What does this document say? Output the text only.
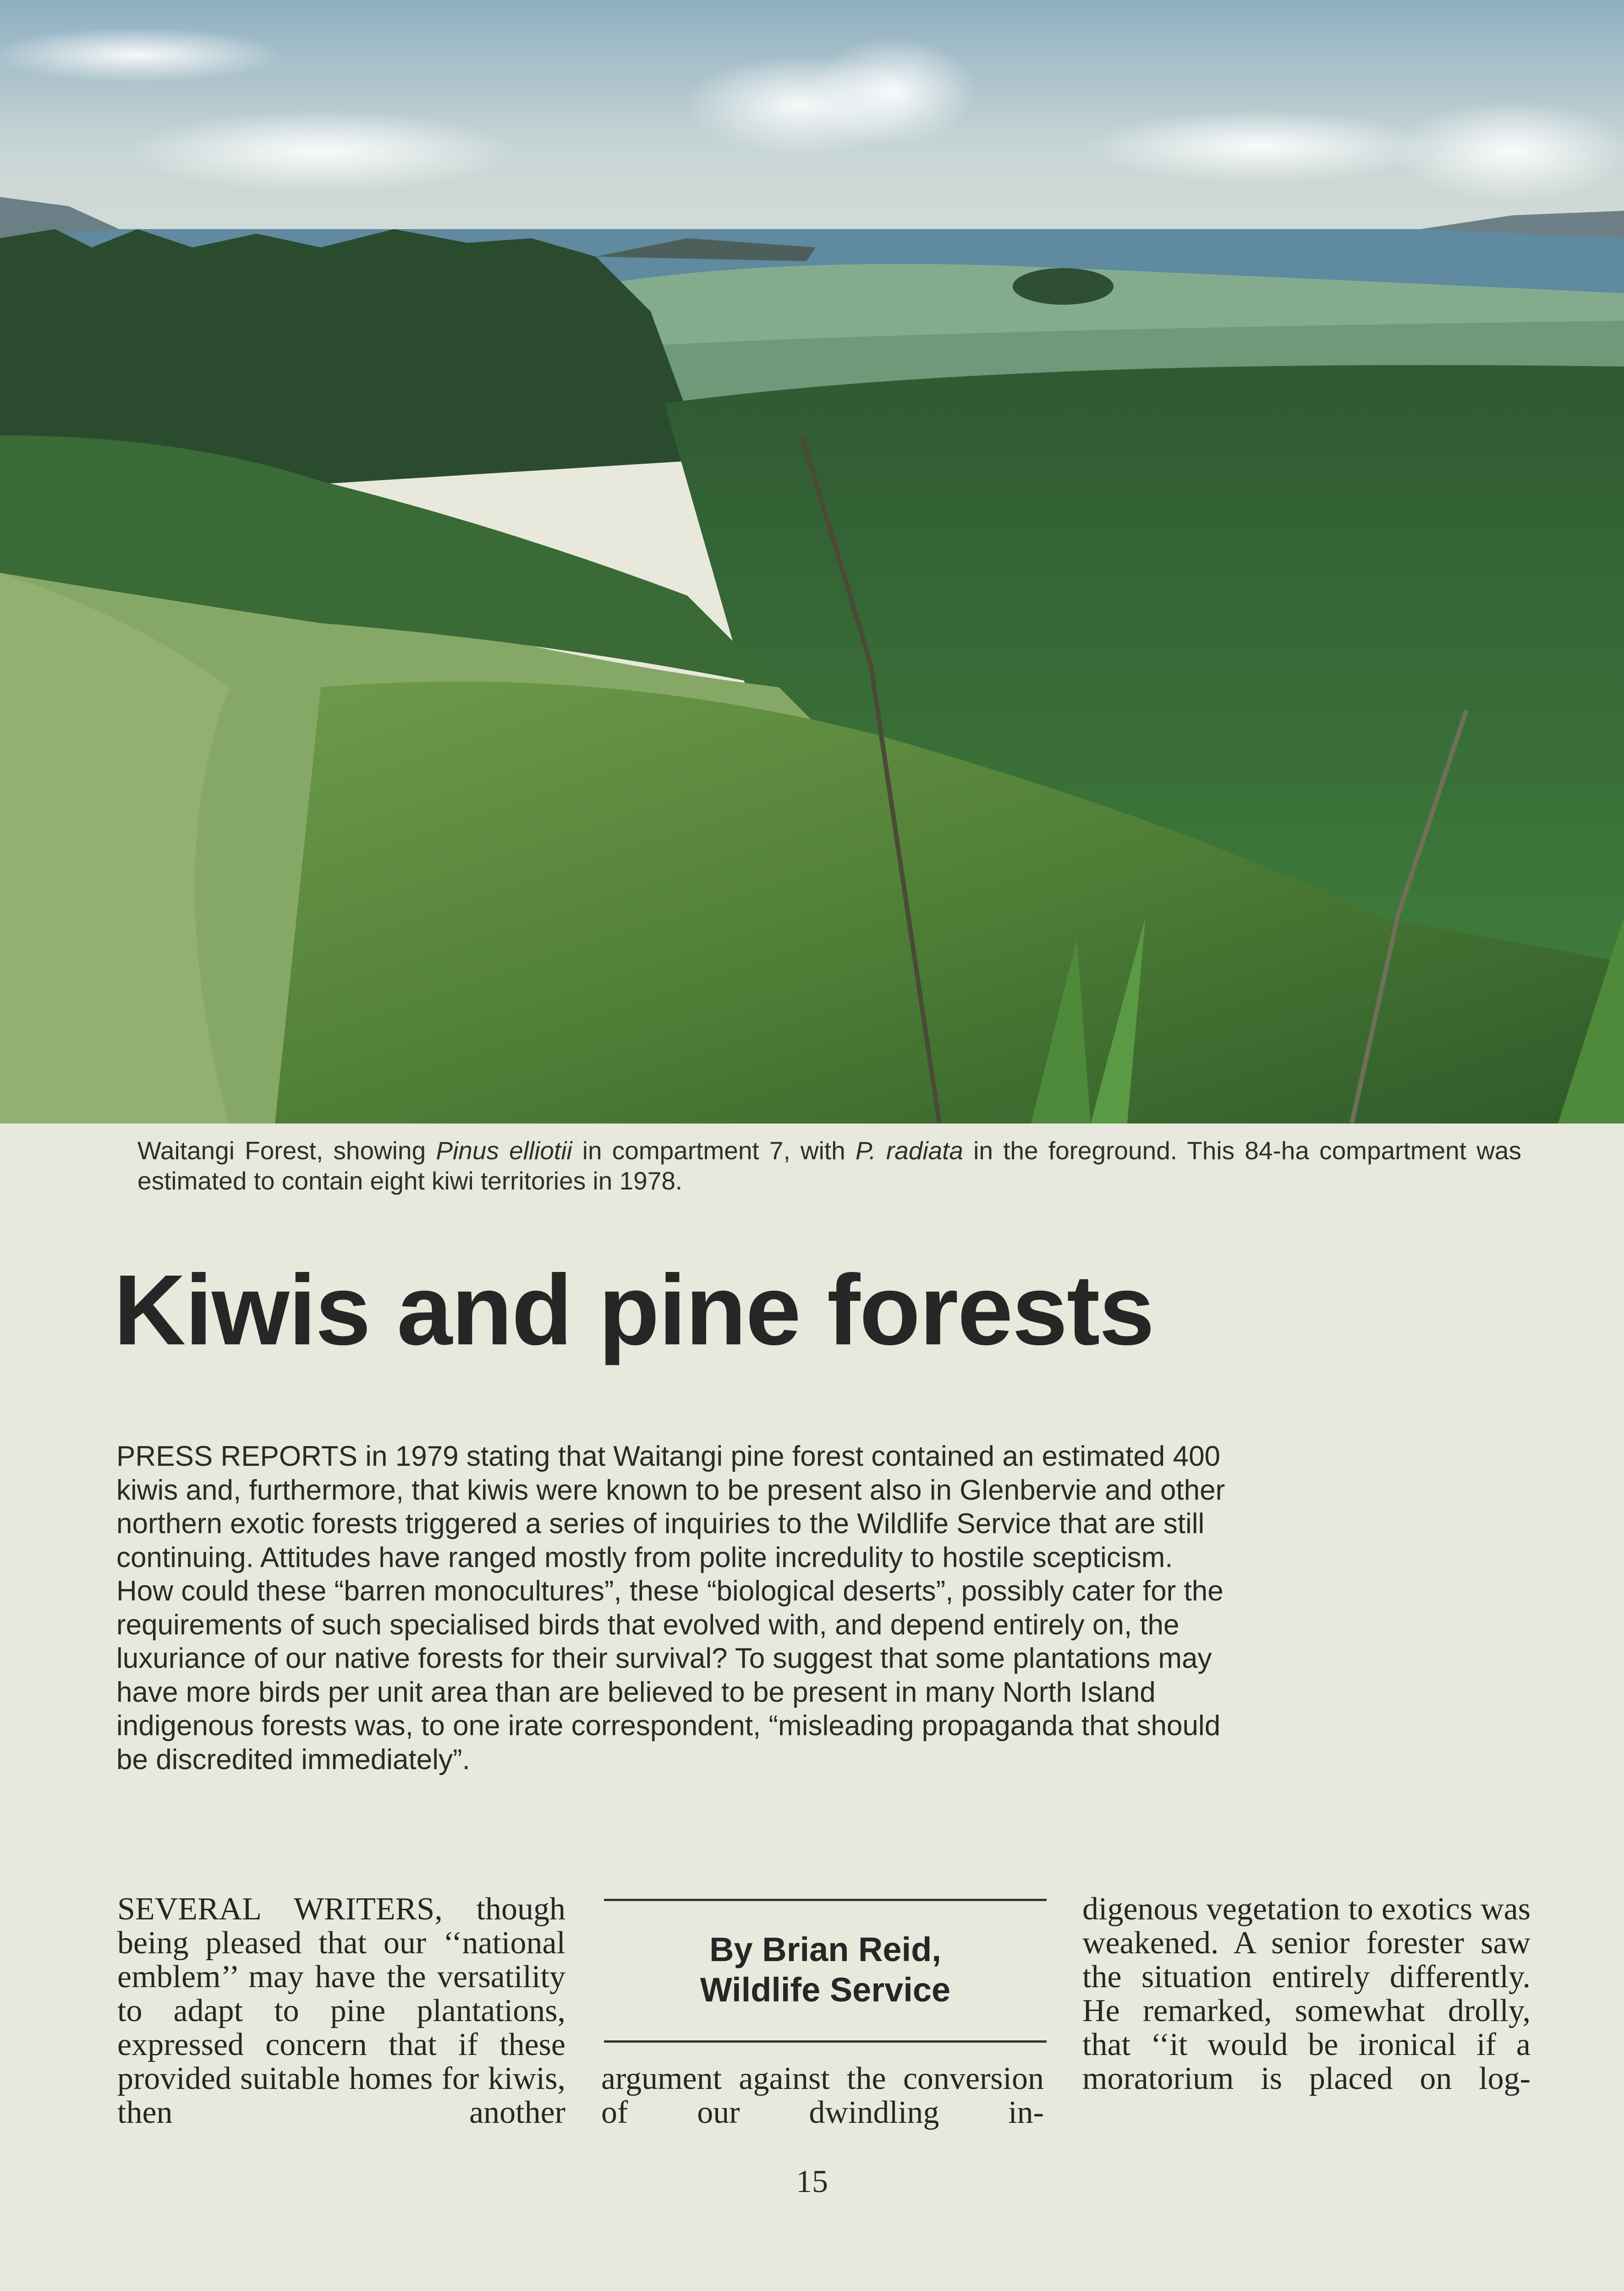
Waitangi Forest, showing Pinus elliotii in compartment 7, with P. radiata in the foreground. This 84-ha compartment was estimated to contain eight kiwi territories in 1978.
Kiwis and pine forests
PRESS REPORTS in 1979 stating that Waitangi pine forest contained an estimated 400 kiwis and, furthermore, that kiwis were known to be present also in Glenbervie and other northern exotic forests triggered a series of inquiries to the Wildlife Service that are still continuing. Attitudes have ranged mostly from polite incredulity to hostile scepticism. How could these “barren monocultures”, these “biological deserts”, possibly cater for the requirements of such specialised birds that evolved with, and depend entirely on, the luxuriance of our native forests for their survival? To suggest that some plantations may have more birds per unit area than are believed to be present in many North Island indigenous forests was, to one irate correspondent, “misleading propaganda that should be discredited immediately”.
SEVERAL WRITERS, though being pleased that our ‘‘national emblem’’ may have the versatility to adapt to pine plantations, expressed concern that if these provided suitable homes for kiwis, then another
By Brian Reid,
Wildlife Service
argument against the conversion of our dwindling in-
digenous vegetation to exotics was weakened. A senior forester saw the situation entirely differently. He remarked, somewhat drolly, that ‘‘it would be ironical if a moratorium is placed on log-
15
